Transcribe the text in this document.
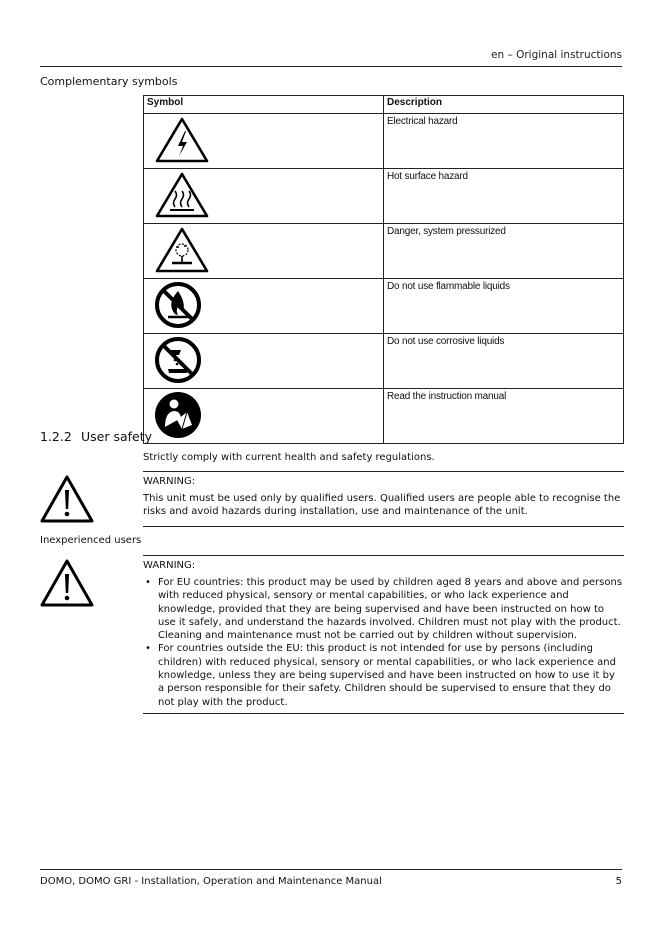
en – Original instructions
Complementary symbols
Symbol	Description

	Electrical hazard

	Hot surface hazard

	Danger, system pressurized

	Do not use flammable liquids

	Do not use corrosive liquids

	Read the instruction manual
1.2.2 User safety
Strictly comply with current health and safety regulations.
WARNING:
This unit must be used only by qualified users. Qualified users are people able to recognise the risks and avoid hazards during installation, use and maintenance of the unit.
Inexperienced users
WARNING:
• For EU countries: this product may be used by children aged 8 years and above and persons with reduced physical, sensory or mental capabilities, or who lack experience and knowledge, provided that they are being supervised and have been instructed on how to use it safely, and understand the hazards involved. Children must not play with the product. Cleaning and maintenance must not be carried out by children without supervision.
• For countries outside the EU: this product is not intended for use by persons (including children) with reduced physical, sensory or mental capabilities, or who lack experience and knowledge, unless they are being supervised and have been instructed on how to use it by a person responsible for their safety. Children should be supervised to ensure that they do not play with the product.
DOMO, DOMO GRI - Installation, Operation and Maintenance Manual	5
